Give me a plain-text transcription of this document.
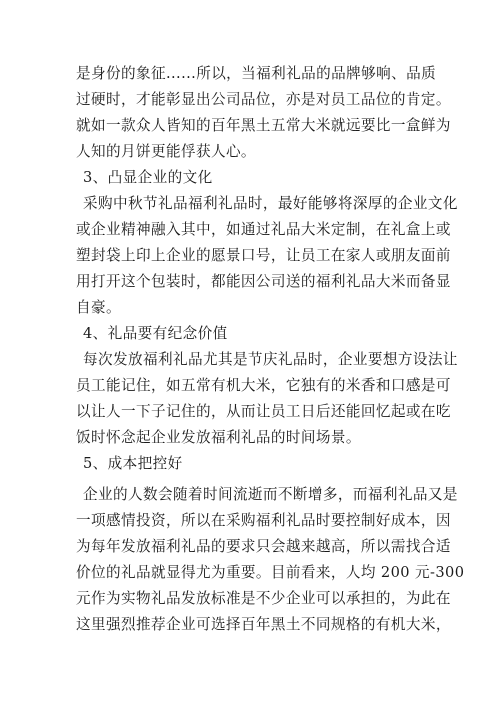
是身份的象征......所以，当福利礼品的品牌够响、品质
过硬时，才能彰显出公司品位，亦是对员工品位的肯定。
就如一款众人皆知的百年黑土五常大米就远要比一盒鲜为
人知的月饼更能俘获人心。
3、凸显企业的文化
采购中秋节礼品福利礼品时，最好能够将深厚的企业文化
或企业精神融入其中，如通过礼品大米定制，在礼盒上或
塑封袋上印上企业的愿景口号，让员工在家人或朋友面前
用打开这个包装时，都能因公司送的福利礼品大米而备显
自豪。
4、礼品要有纪念价值
每次发放福利礼品尤其是节庆礼品时，企业要想方设法让
员工能记住，如五常有机大米，它独有的米香和口感是可
以让人一下子记住的，从而让员工日后还能回忆起或在吃
饭时怀念起企业发放福利礼品的时间场景。
5、成本把控好
企业的人数会随着时间流逝而不断增多，而福利礼品又是
一项感情投资，所以在采购福利礼品时要控制好成本，因
为每年发放福利礼品的要求只会越来越高，所以需找合适
价位的礼品就显得尤为重要。目前看来，人均 200 元-300
元作为实物礼品发放标准是不少企业可以承担的，为此在
这里强烈推荐企业可选择百年黑土不同规格的有机大米，
